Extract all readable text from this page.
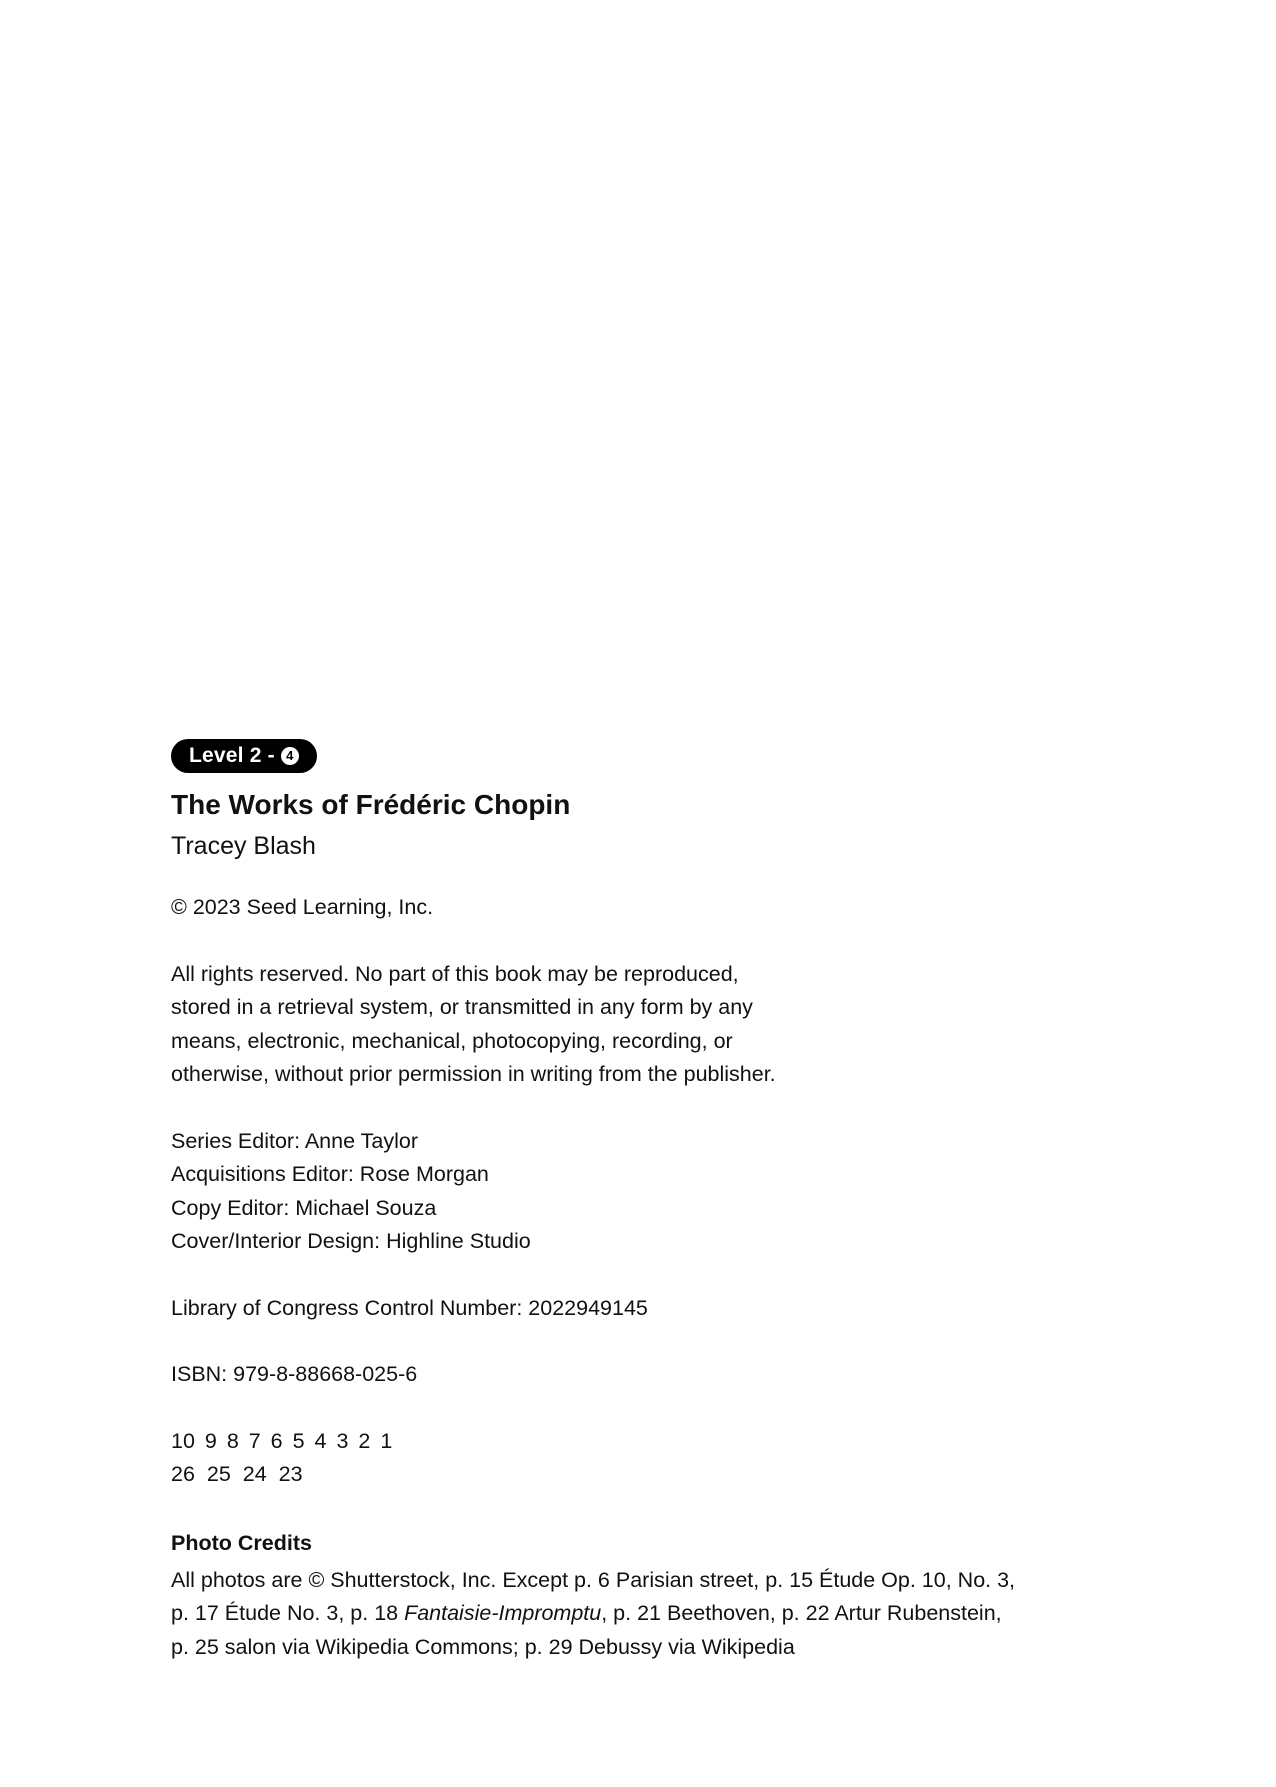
Level 2 - 4
The Works of Frédéric Chopin
Tracey Blash
© 2023 Seed Learning, Inc.
All rights reserved. No part of this book may be reproduced,
stored in a retrieval system, or transmitted in any form by any
means, electronic, mechanical, photocopying, recording, or
otherwise, without prior permission in writing from the publisher.
Series Editor: Anne Taylor
Acquisitions Editor: Rose Morgan
Copy Editor: Michael Souza
Cover/Interior Design: Highline Studio
Library of Congress Control Number: 2022949145
ISBN: 979-8-88668-025-6
10 9 8 7 6 5 4 3 2 1
26 25 24 23
Photo Credits
All photos are © Shutterstock, Inc. Except p. 6 Parisian street, p. 15 Étude Op. 10, No. 3,
p. 17 Étude No. 3, p. 18 Fantaisie-Impromptu, p. 21 Beethoven, p. 22 Artur Rubenstein,
p. 25 salon via Wikipedia Commons; p. 29 Debussy via Wikipedia
